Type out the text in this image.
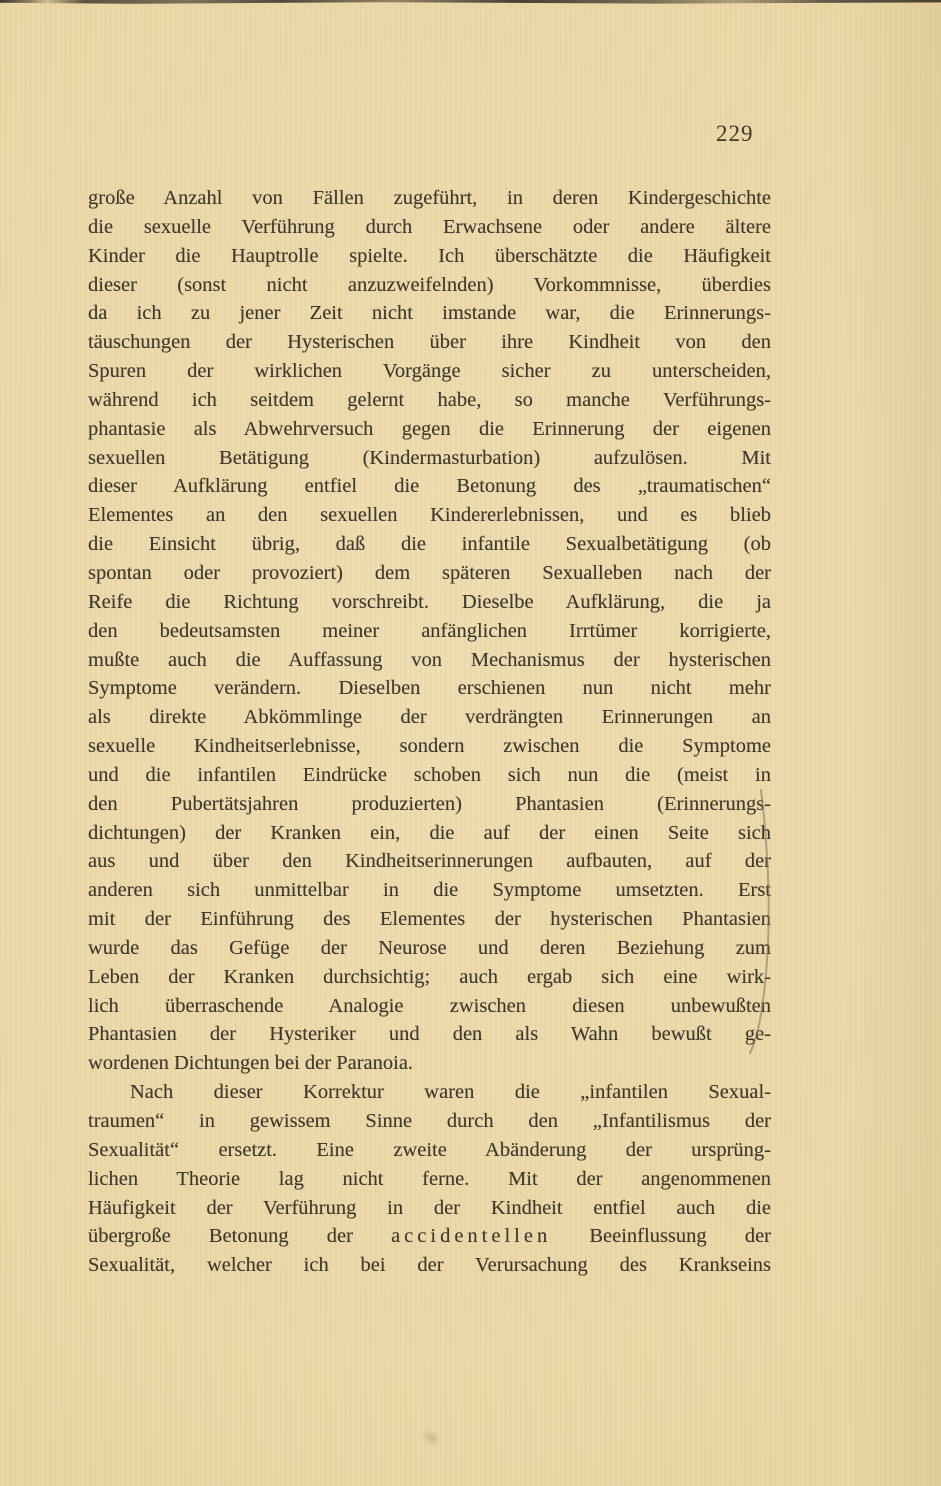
229
große Anzahl von Fällen zugeführt, in deren Kindergeschichte
die sexuelle Verführung durch Erwachsene oder andere ältere
Kinder die Hauptrolle spielte. Ich überschätzte die Häufigkeit
dieser (sonst nicht anzuzweifelnden) Vorkommnisse, überdies
da ich zu jener Zeit nicht imstande war, die Erinnerungs-
täuschungen der Hysterischen über ihre Kindheit von den
Spuren der wirklichen Vorgänge sicher zu unterscheiden,
während ich seitdem gelernt habe, so manche Verführungs-
phantasie als Abwehrversuch gegen die Erinnerung der eigenen
sexuellen Betätigung (Kindermasturbation) aufzulösen. Mit
dieser Aufklärung entfiel die Betonung des „traumatischen“
Elementes an den sexuellen Kindererlebnissen, und es blieb
die Einsicht übrig, daß die infantile Sexualbetätigung (ob
spontan oder provoziert) dem späteren Sexualleben nach der
Reife die Richtung vorschreibt. Dieselbe Aufklärung, die ja
den bedeutsamsten meiner anfänglichen Irrtümer korrigierte,
mußte auch die Auffassung von Mechanismus der hysterischen
Symptome verändern. Dieselben erschienen nun nicht mehr
als direkte Abkömmlinge der verdrängten Erinnerungen an
sexuelle Kindheitserlebnisse, sondern zwischen die Symptome
und die infantilen Eindrücke schoben sich nun die (meist in
den Pubertätsjahren produzierten) Phantasien (Erinnerungs-
dichtungen) der Kranken ein, die auf der einen Seite sich
aus und über den Kindheitserinnerungen aufbauten, auf der
anderen sich unmittelbar in die Symptome umsetzten. Erst
mit der Einführung des Elementes der hysterischen Phantasien
wurde das Gefüge der Neurose und deren Beziehung zum
Leben der Kranken durchsichtig; auch ergab sich eine wirk-
lich überraschende Analogie zwischen diesen unbewußten
Phantasien der Hysteriker und den als Wahn bewußt ge-
wordenen Dichtungen bei der Paranoia.
Nach dieser Korrektur waren die „infantilen Sexual-
traumen“ in gewissem Sinne durch den „Infantilismus der
Sexualität“ ersetzt. Eine zweite Abänderung der ursprüng-
lichen Theorie lag nicht ferne. Mit der angenommenen
Häufigkeit der Verführung in der Kindheit entfiel auch die
übergroße Betonung der accidentellen Beeinflussung der
Sexualität, welcher ich bei der Verursachung des Krankseins
